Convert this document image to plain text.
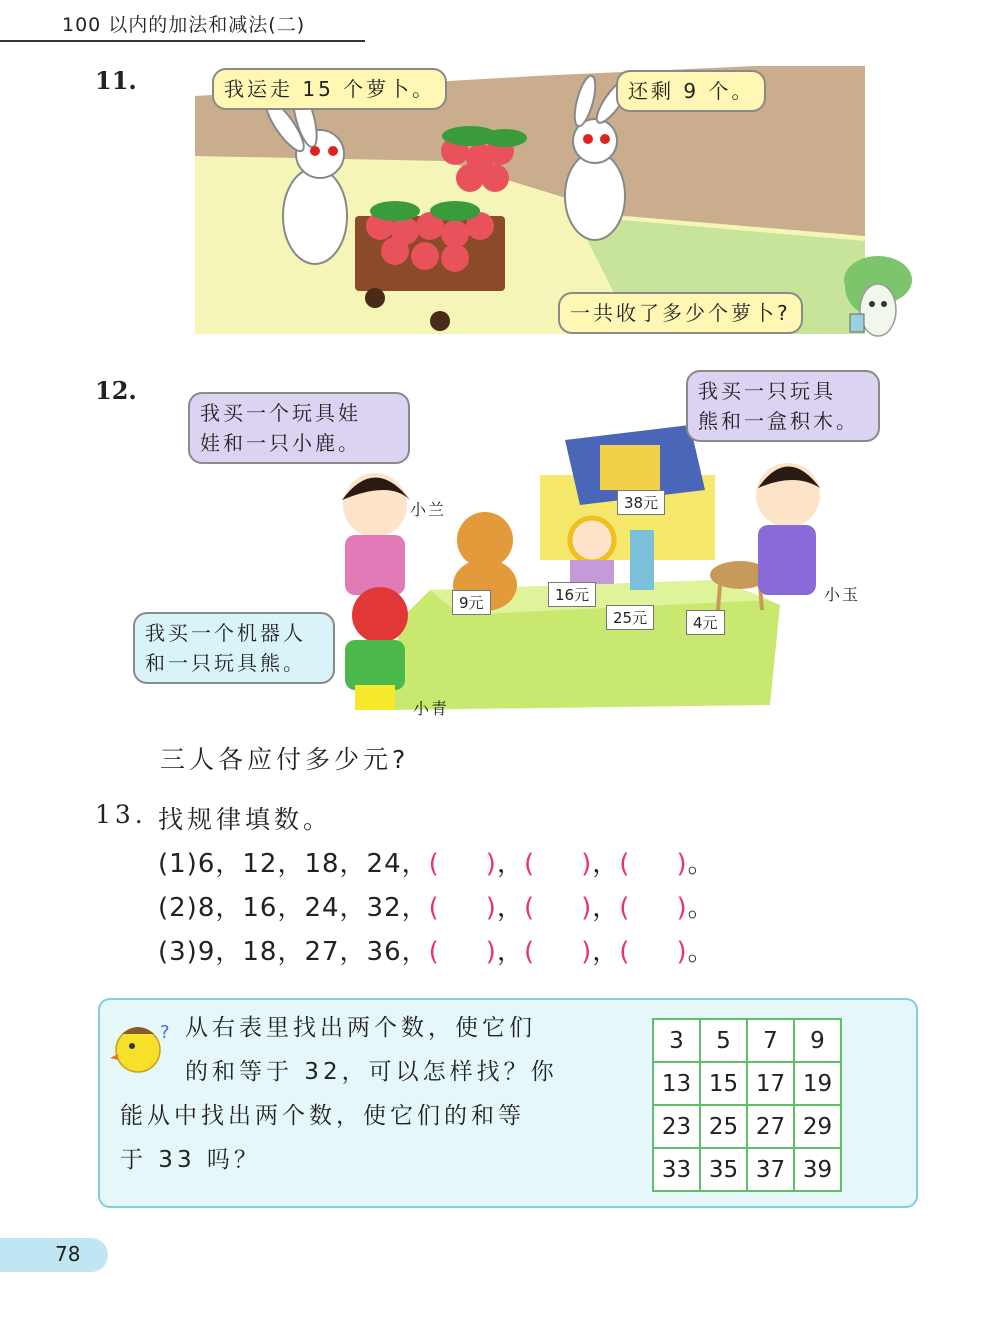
100 以内的加法和减法(二)
11.	我运走 15 个萝卜。	还剩 9 个。
一共收了多少个萝卜?
12.
我买一个玩具娃
娃和一只小鹿。
我买一只玩具
熊和一盒积木。
我买一个机器人
和一只玩具熊。
小兰
小玉
小青
38元
9元	16元
25元	4元
三人各应付多少元?
13. 找规律填数。
(1)6，12，18，24，( )，( )，( )。
(2)8，16，24，32，( )，( )，( )。
(3)9，18，27，36，( )，( )，( )。
? 从右表里找出两个数，使它们
的和等于 32，可以怎样找？你
能从中找出两个数，使它们的和等
于 33 吗？
3	5	7	9
13	15	17	19
23	25	27	29
33	35	37	39
78
